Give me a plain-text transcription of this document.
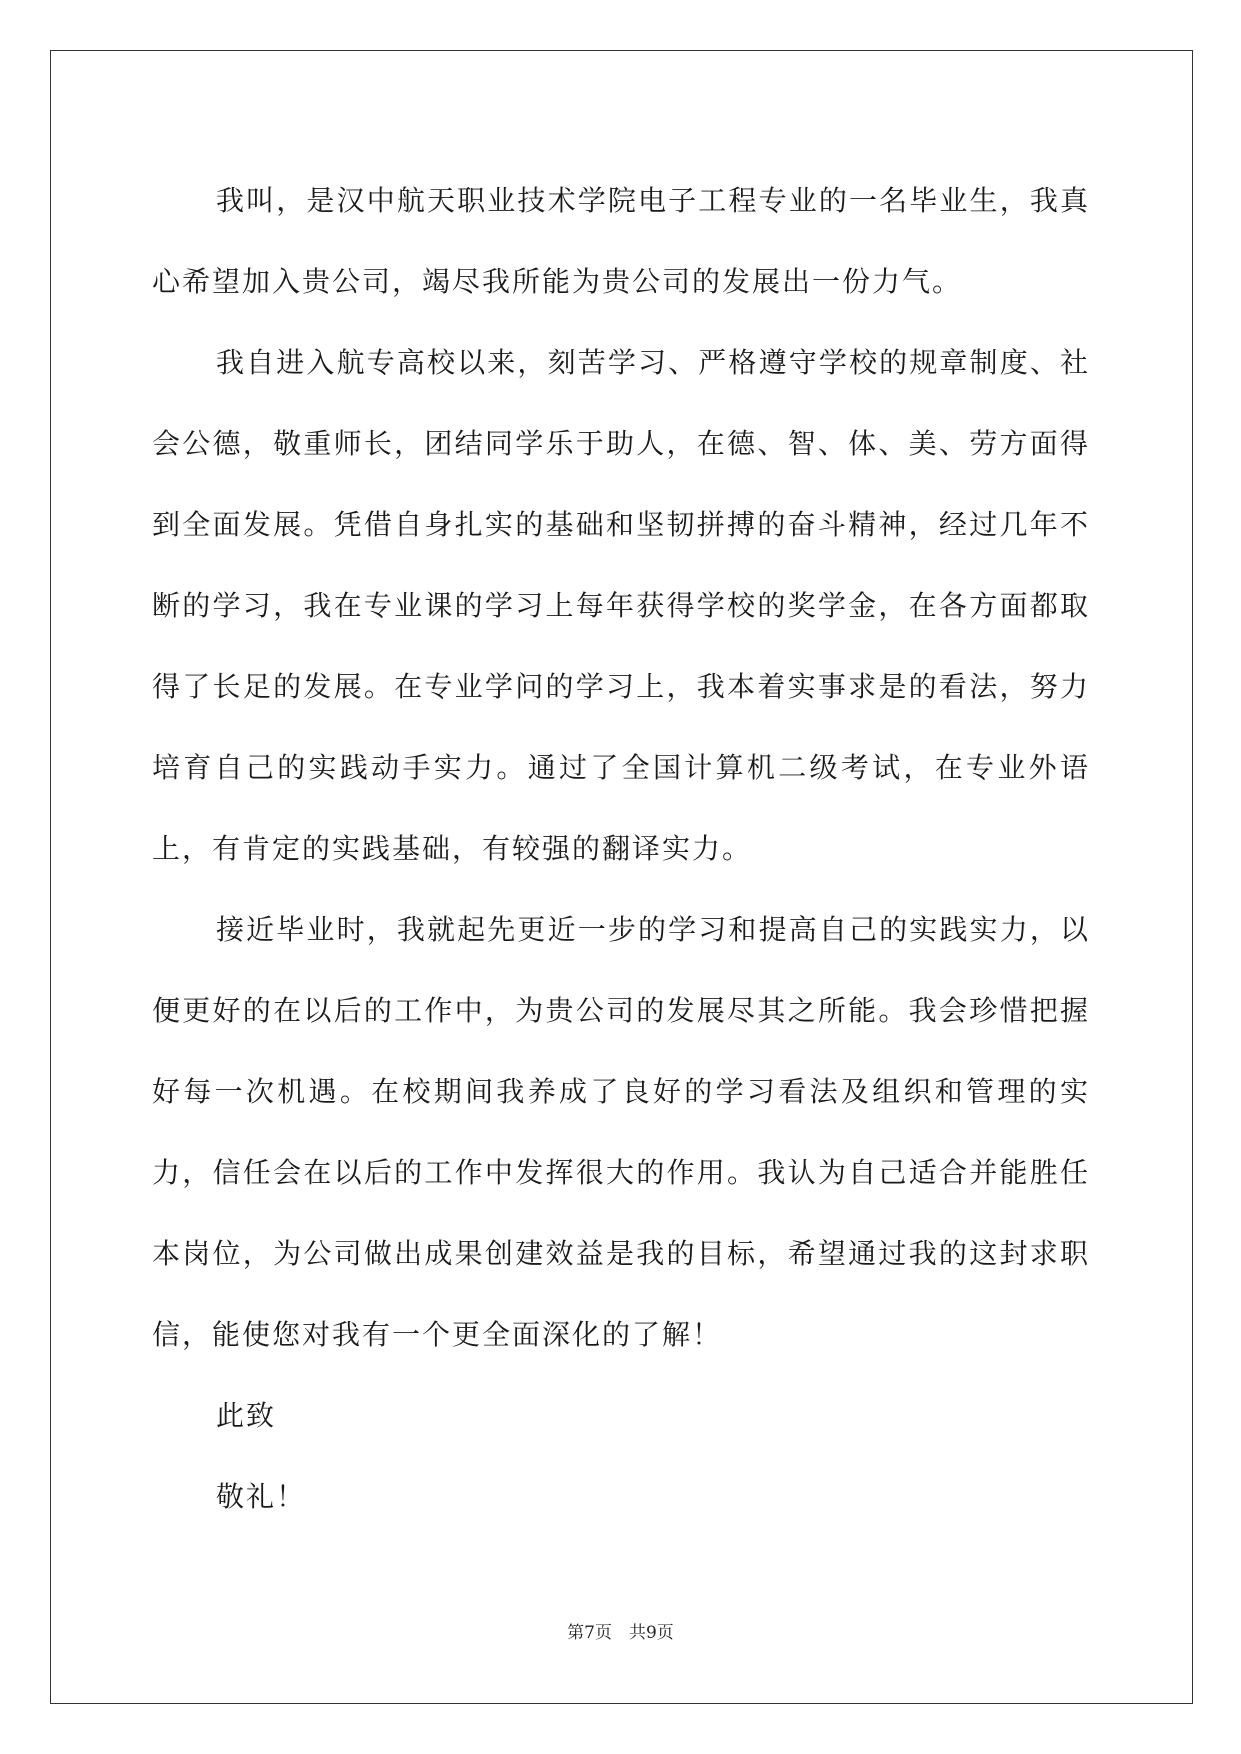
我叫，是汉中航天职业技术学院电子工程专业的一名毕业生，我真心希望加入贵公司，竭尽我所能为贵公司的发展出一份力气。

我自进入航专高校以来，刻苦学习、严格遵守学校的规章制度、社会公德，敬重师长，团结同学乐于助人，在德、智、体、美、劳方面得到全面发展。凭借自身扎实的基础和坚韧拼搏的奋斗精神，经过几年不断的学习，我在专业课的学习上每年获得学校的奖学金，在各方面都取得了长足的发展。在专业学问的学习上，我本着实事求是的看法，努力培育自己的实践动手实力。通过了全国计算机二级考试，在专业外语上，有肯定的实践基础，有较强的翻译实力。

接近毕业时，我就起先更近一步的学习和提高自己的实践实力，以便更好的在以后的工作中，为贵公司的发展尽其之所能。我会珍惜把握好每一次机遇。在校期间我养成了良好的学习看法及组织和管理的实力，信任会在以后的工作中发挥很大的作用。我认为自己适合并能胜任本岗位，为公司做出成果创建效益是我的目标，希望通过我的这封求职信，能使您对我有一个更全面深化的了解！

此致

敬礼！

第7页　共9页
